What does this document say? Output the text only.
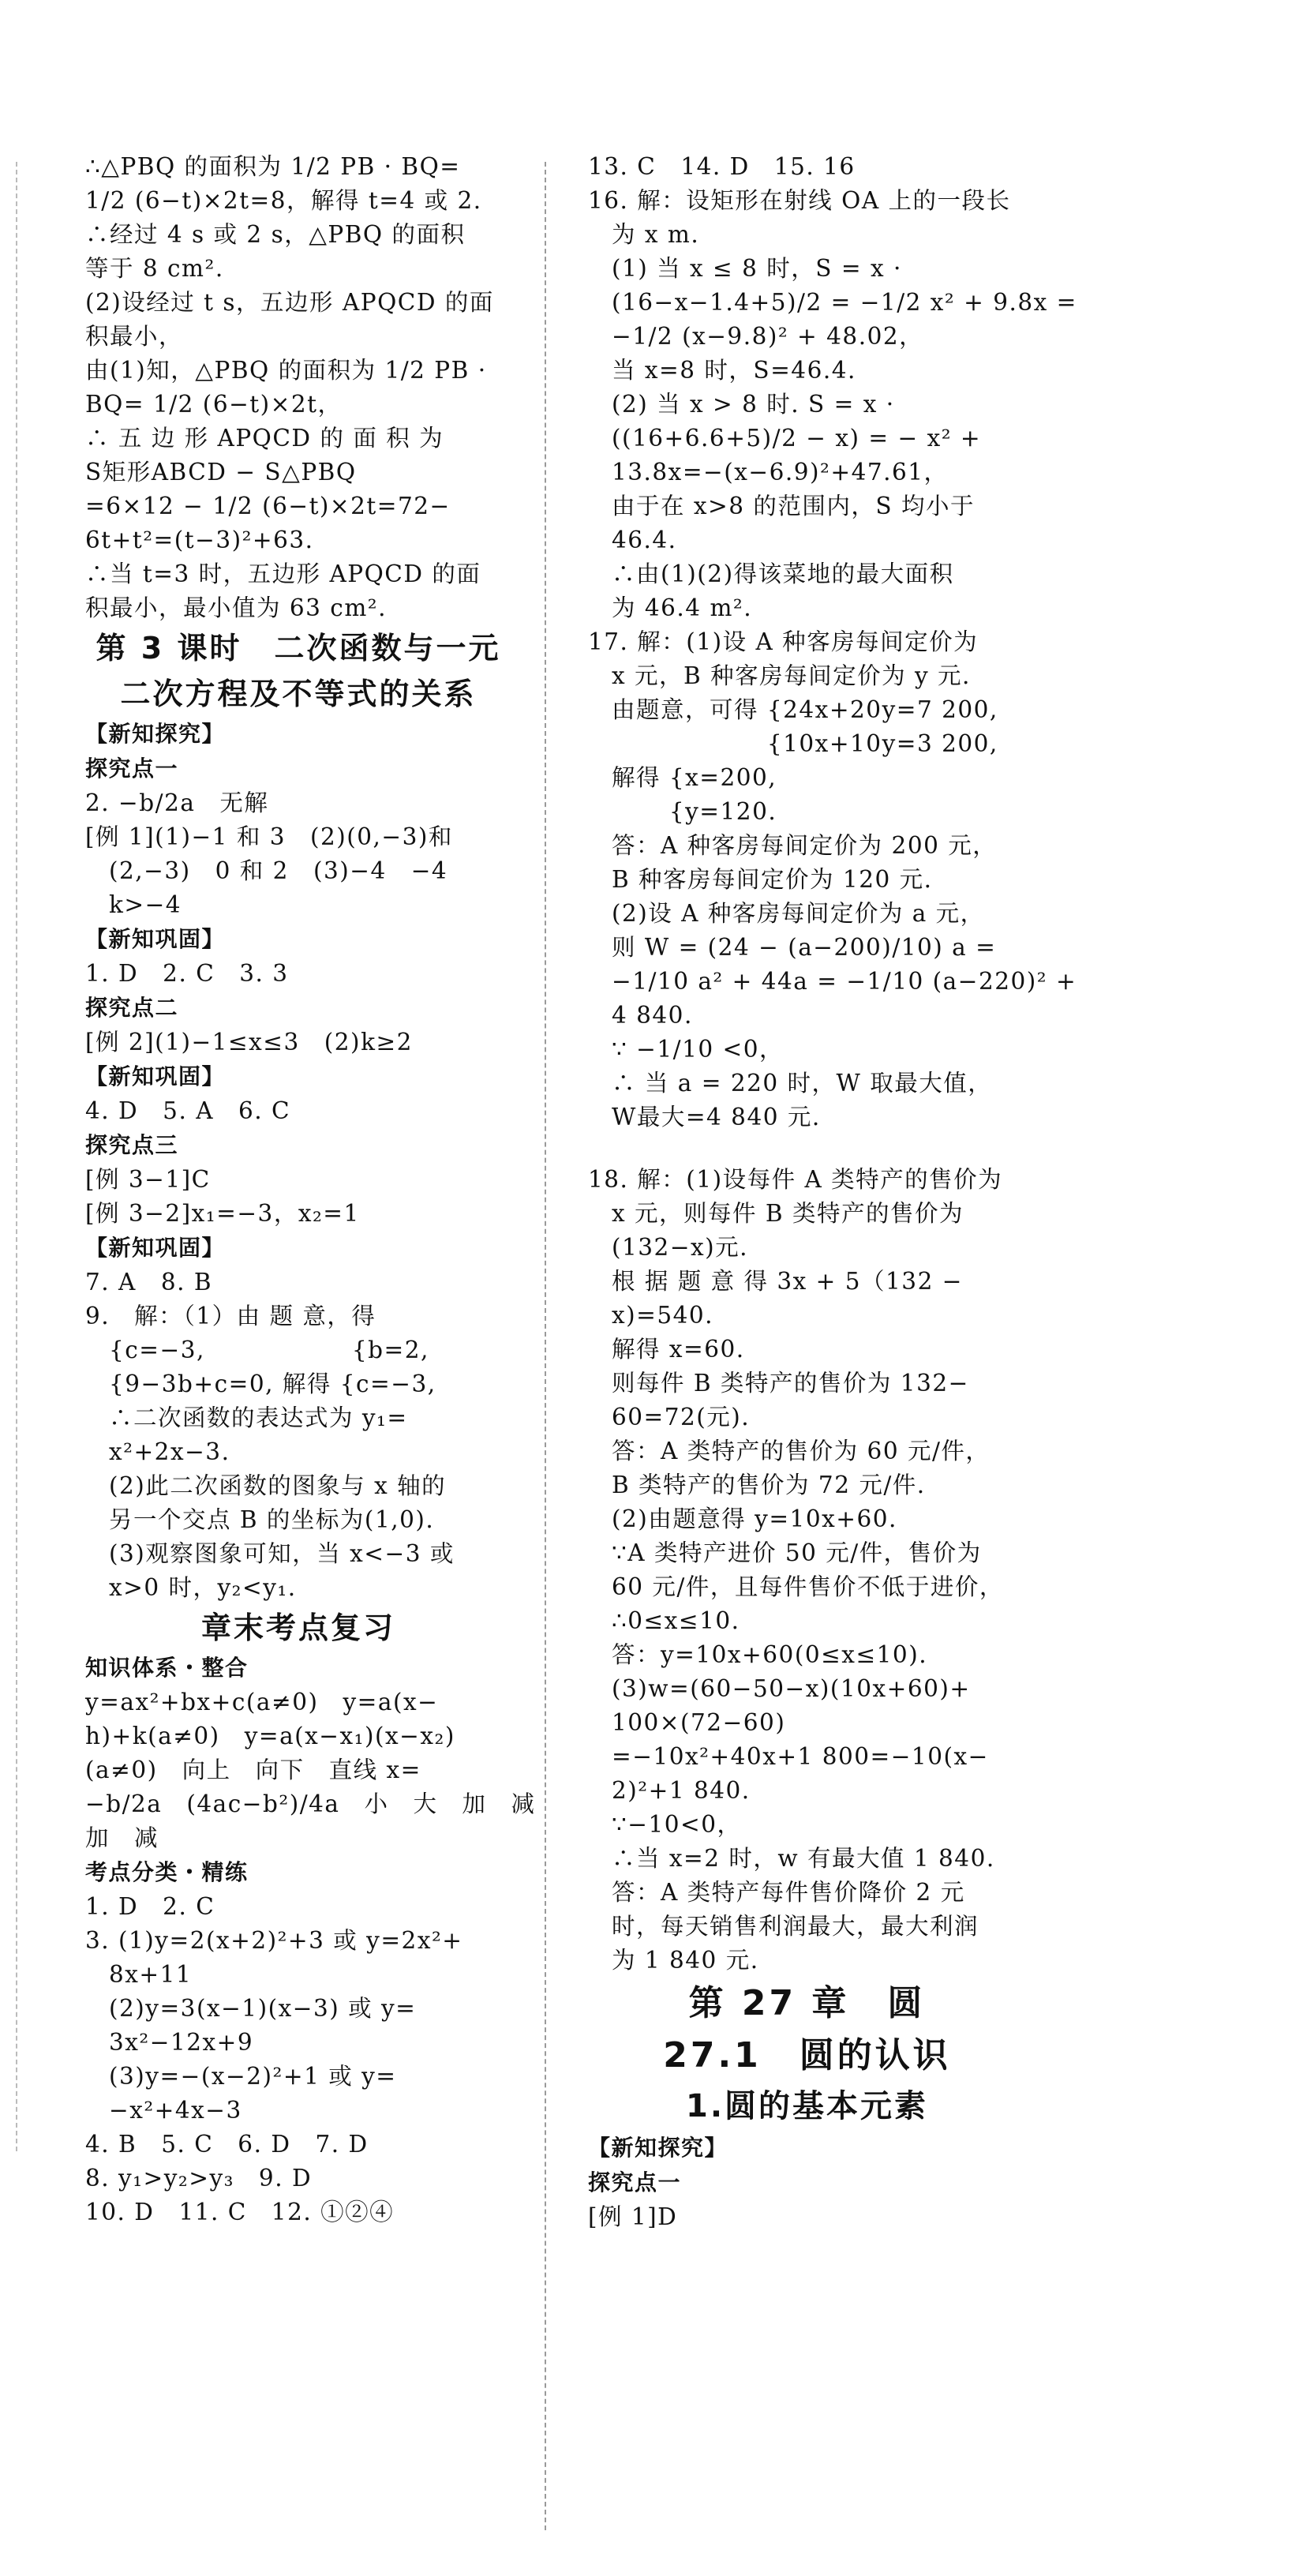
∴△PBQ 的面积为 1/2 PB · BQ=
1/2 (6−t)×2t=8，解得 t=4 或 2.
∴经过 4 s 或 2 s，△PBQ 的面积
等于 8 cm².
(2)设经过 t s，五边形 APQCD 的面
积最小，
由(1)知，△PBQ 的面积为 1/2 PB ·
BQ= 1/2 (6−t)×2t，
∴ 五 边 形 APQCD 的 面 积 为
S矩形ABCD − S△PBQ
=6×12 − 1/2 (6−t)×2t=72−
6t+t²=(t−3)²+63.
∴当 t=3 时，五边形 APQCD 的面
积最小，最小值为 63 cm².
第 3 课时　二次函数与一元
二次方程及不等式的关系
【新知探究】
探究点一
2. −b/2a　无解
[例 1](1)−1 和 3　(2)(0,−3)和
(2,−3)　0 和 2　(3)−4　−4
k>−4
【新知巩固】
1. D　2. C　3. 3
探究点二
[例 2](1)−1≤x≤3　(2)k≥2
【新知巩固】
4. D　5. A　6. C
探究点三
[例 3−1]C
[例 3−2]x₁=−3，x₂=1
【新知巩固】
7. A　8. B
9.　解：（1）由 题 意，得
{c=−3,　　　　　　{b=2,
{9−3b+c=0, 解得 {c=−3,
∴二次函数的表达式为 y₁=
x²+2x−3.
(2)此二次函数的图象与 x 轴的
另一个交点 B 的坐标为(1,0).
(3)观察图象可知，当 x<−3 或
x>0 时，y₂<y₁.
章末考点复习
知识体系・整合
y=ax²+bx+c(a≠0)　y=a(x−
h)+k(a≠0)　y=a(x−x₁)(x−x₂)
(a≠0)　向上　向下　直线 x=
−b/2a　(4ac−b²)/4a　小　大　加　减
加　减
考点分类・精练
1. D　2. C
3. (1)y=2(x+2)²+3 或 y=2x²+
8x+11
(2)y=3(x−1)(x−3) 或 y=
3x²−12x+9
(3)y=−(x−2)²+1 或 y=
−x²+4x−3
4. B　5. C　6. D　7. D
8. y₁>y₂>y₃　9. D
10. D　11. C　12. ①②④
13. C　14. D　15. 16
16. 解：设矩形在射线 OA 上的一段长
为 x m.
(1) 当 x ≤ 8 时，S = x ·
(16−x−1.4+5)/2 = −1/2 x² + 9.8x =
−1/2 (x−9.8)² + 48.02，
当 x=8 时，S=46.4.
(2) 当 x > 8 时. S = x ·
((16+6.6+5)/2 − x) = − x² +
13.8x=−(x−6.9)²+47.61，
由于在 x>8 的范围内，S 均小于
46.4.
∴由(1)(2)得该菜地的最大面积
为 46.4 m².
17. 解：(1)设 A 种客房每间定价为
x 元，B 种客房每间定价为 y 元.
由题意，可得 {24x+20y=7 200,
　　　　　　 {10x+10y=3 200,
解得 {x=200,
　　 {y=120.
答：A 种客房每间定价为 200 元，
B 种客房每间定价为 120 元.
(2)设 A 种客房每间定价为 a 元，
则 W = (24 − (a−200)/10) a =
−1/10 a² + 44a = −1/10 (a−220)² +
4 840.
∵ −1/10 <0，
∴ 当 a = 220 时，W 取最大值，
W最大=4 840 元.
18. 解：(1)设每件 A 类特产的售价为
x 元，则每件 B 类特产的售价为
(132−x)元.
根 据 题 意 得 3x + 5（132 −
x)=540.
解得 x=60.
则每件 B 类特产的售价为 132−
60=72(元).
答：A 类特产的售价为 60 元/件，
B 类特产的售价为 72 元/件.
(2)由题意得 y=10x+60.
∵A 类特产进价 50 元/件，售价为
60 元/件，且每件售价不低于进价，
∴0≤x≤10.
答：y=10x+60(0≤x≤10).
(3)w=(60−50−x)(10x+60)+
100×(72−60)
=−10x²+40x+1 800=−10(x−
2)²+1 840.
∵−10<0，
∴当 x=2 时，w 有最大值 1 840.
答：A 类特产每件售价降价 2 元
时，每天销售利润最大，最大利润
为 1 840 元.
第 27 章　圆
27.1　圆的认识
1.圆的基本元素
【新知探究】
探究点一
[例 1]D
